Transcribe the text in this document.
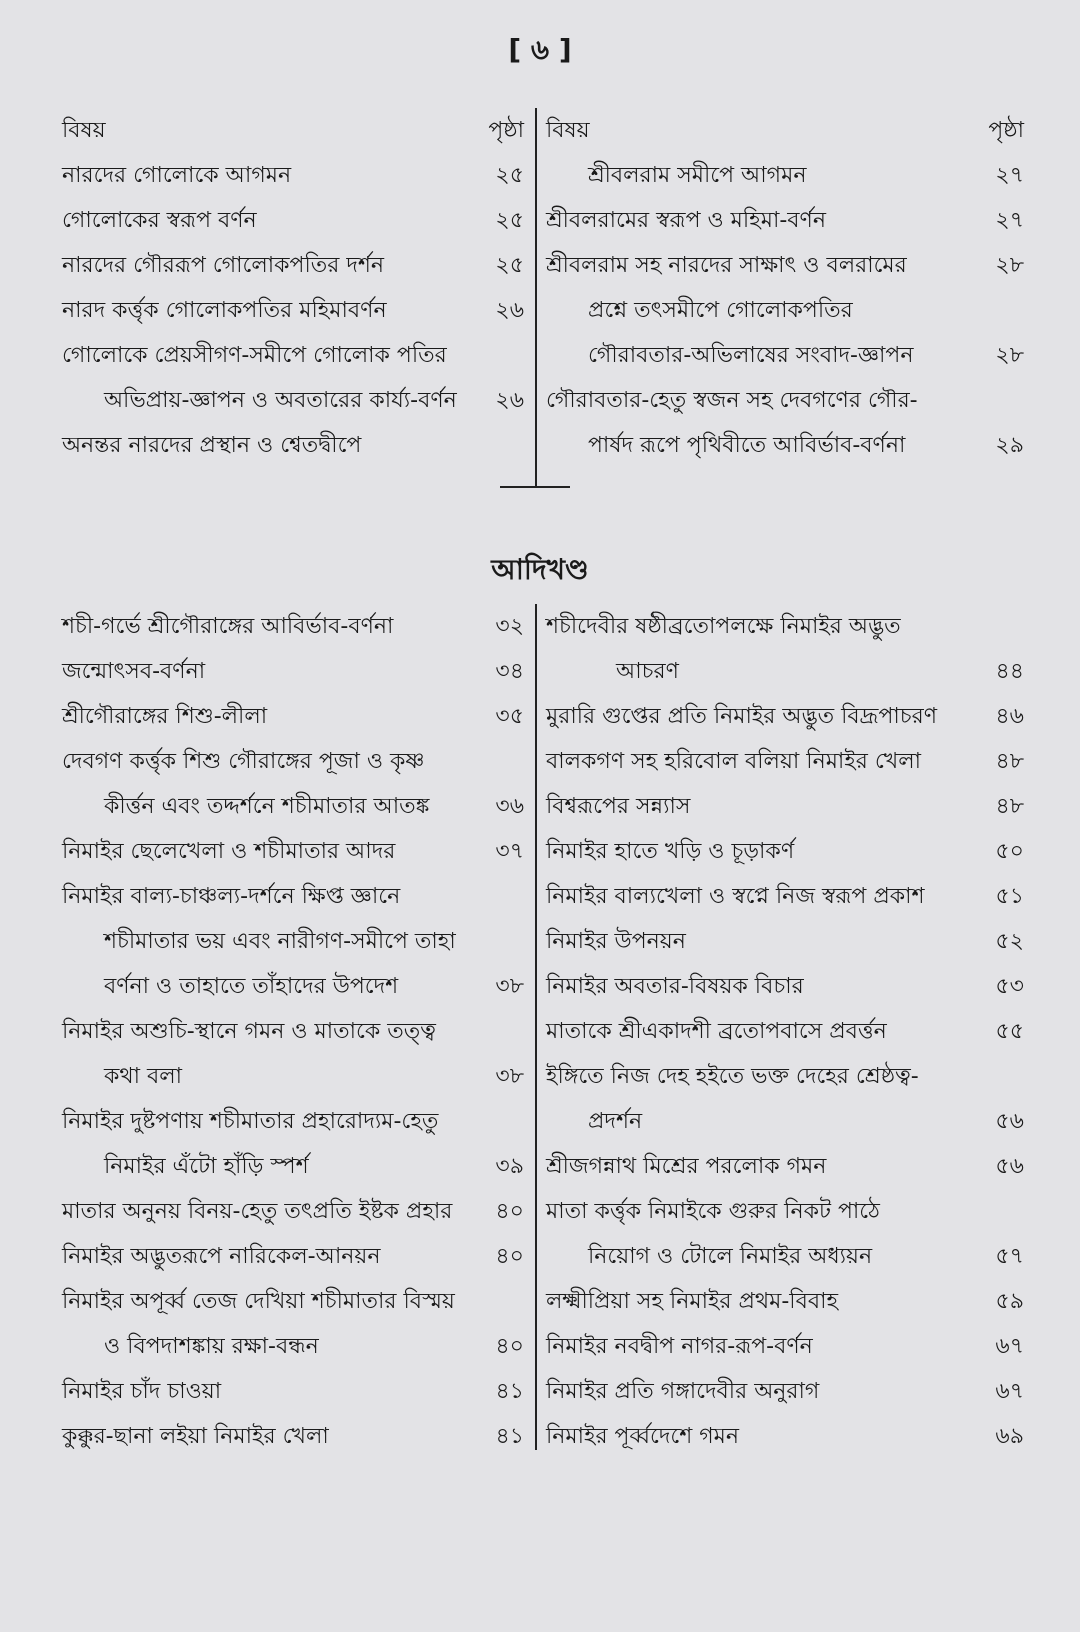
[ ৬ ]
বিষয়	পৃষ্ঠা
নারদের গোলোকে আগমন	২৫
গোলোকের স্বরূপ বর্ণন	২৫
নারদের গৌররূপ গোলোকপতির দর্শন	২৫
নারদ কর্ত্তৃক গোলোকপতির মহিমাবর্ণন	২৬
গোলোকে প্রেয়সীগণ-সমীপে গোলোক পতির
অভিপ্রায়-জ্ঞাপন ও অবতারের কার্য্য-বর্ণন	২৬
অনন্তর নারদের প্রস্থান ও শ্বেতদ্বীপে
বিষয়	পৃষ্ঠা
শ্রীবলরাম সমীপে আগমন	২৭
শ্রীবলরামের স্বরূপ ও মহিমা-বর্ণন	২৭
শ্রীবলরাম সহ নারদের সাক্ষাৎ ও বলরামের	২৮
প্রশ্নে তৎসমীপে গোলোকপতির
গৌরাবতার-অভিলাষের সংবাদ-জ্ঞাপন	২৮
গৌরাবতার-হেতু স্বজন সহ দেবগণের গৌর-
পার্ষদ রূপে পৃথিবীতে আবির্ভাব-বর্ণনা	২৯
আদিখণ্ড
শচী-গর্ভে শ্রীগৌরাঙ্গের আবির্ভাব-বর্ণনা	৩২
জন্মোৎসব-বর্ণনা	৩৪
শ্রীগৌরাঙ্গের শিশু-লীলা	৩৫
দেবগণ কর্ত্তৃক শিশু গৌরাঙ্গের পূজা ও কৃষ্ণ
কীর্ত্তন এবং তদ্দর্শনে শচীমাতার আতঙ্ক	৩৬
নিমাইর ছেলেখেলা ও শচীমাতার আদর	৩৭
নিমাইর বাল্য-চাঞ্চল্য-দর্শনে ক্ষিপ্ত জ্ঞানে
শচীমাতার ভয় এবং নারীগণ-সমীপে তাহা
বর্ণনা ও তাহাতে তাঁহাদের উপদেশ	৩৮
নিমাইর অশুচি-স্থানে গমন ও মাতাকে তত্ত্ব
কথা বলা	৩৮
নিমাইর দুষ্টপণায় শচীমাতার প্রহারোদ্যম-হেতু
নিমাইর এঁটো হাঁড়ি স্পর্শ	৩৯
মাতার অনুনয় বিনয়-হেতু তৎপ্রতি ইষ্টক প্রহার	৪০
নিমাইর অদ্ভুতরূপে নারিকেল-আনয়ন	৪০
নিমাইর অপূর্ব্ব তেজ দেখিয়া শচীমাতার বিস্ময়
ও বিপদাশঙ্কায় রক্ষা-বন্ধন	৪০
নিমাইর চাঁদ চাওয়া	৪১
কুক্কুর-ছানা লইয়া নিমাইর খেলা	৪১
শচীদেবীর ষষ্ঠীব্রতোপলক্ষে নিমাইর অদ্ভুত
আচরণ	৪৪
মুরারি গুপ্তের প্রতি নিমাইর অদ্ভুত বিদ্রূপাচরণ	৪৬
বালকগণ সহ হরিবোল বলিয়া নিমাইর খেলা	৪৮
বিশ্বরূপের সন্ন্যাস	৪৮
নিমাইর হাতে খড়ি ও চূড়াকর্ণ	৫০
নিমাইর বাল্যখেলা ও স্বপ্নে নিজ স্বরূপ প্রকাশ	৫১
নিমাইর উপনয়ন	৫২
নিমাইর অবতার-বিষয়ক বিচার	৫৩
মাতাকে শ্রীএকাদশী ব্রতোপবাসে প্রবর্ত্তন	৫৫
ইঙ্গিতে নিজ দেহ হইতে ভক্ত দেহের শ্রেষ্ঠত্ব-
প্রদর্শন	৫৬
শ্রীজগন্নাথ মিশ্রের পরলোক গমন	৫৬
মাতা কর্ত্তৃক নিমাইকে গুরুর নিকট পাঠে
নিয়োগ ও টোলে নিমাইর অধ্যয়ন	৫৭
লক্ষ্মীপ্রিয়া সহ নিমাইর প্রথম-বিবাহ	৫৯
নিমাইর নবদ্বীপ নাগর-রূপ-বর্ণন	৬৭
নিমাইর প্রতি গঙ্গাদেবীর অনুরাগ	৬৭
নিমাইর পূর্ব্বদেশে গমন	৬৯
